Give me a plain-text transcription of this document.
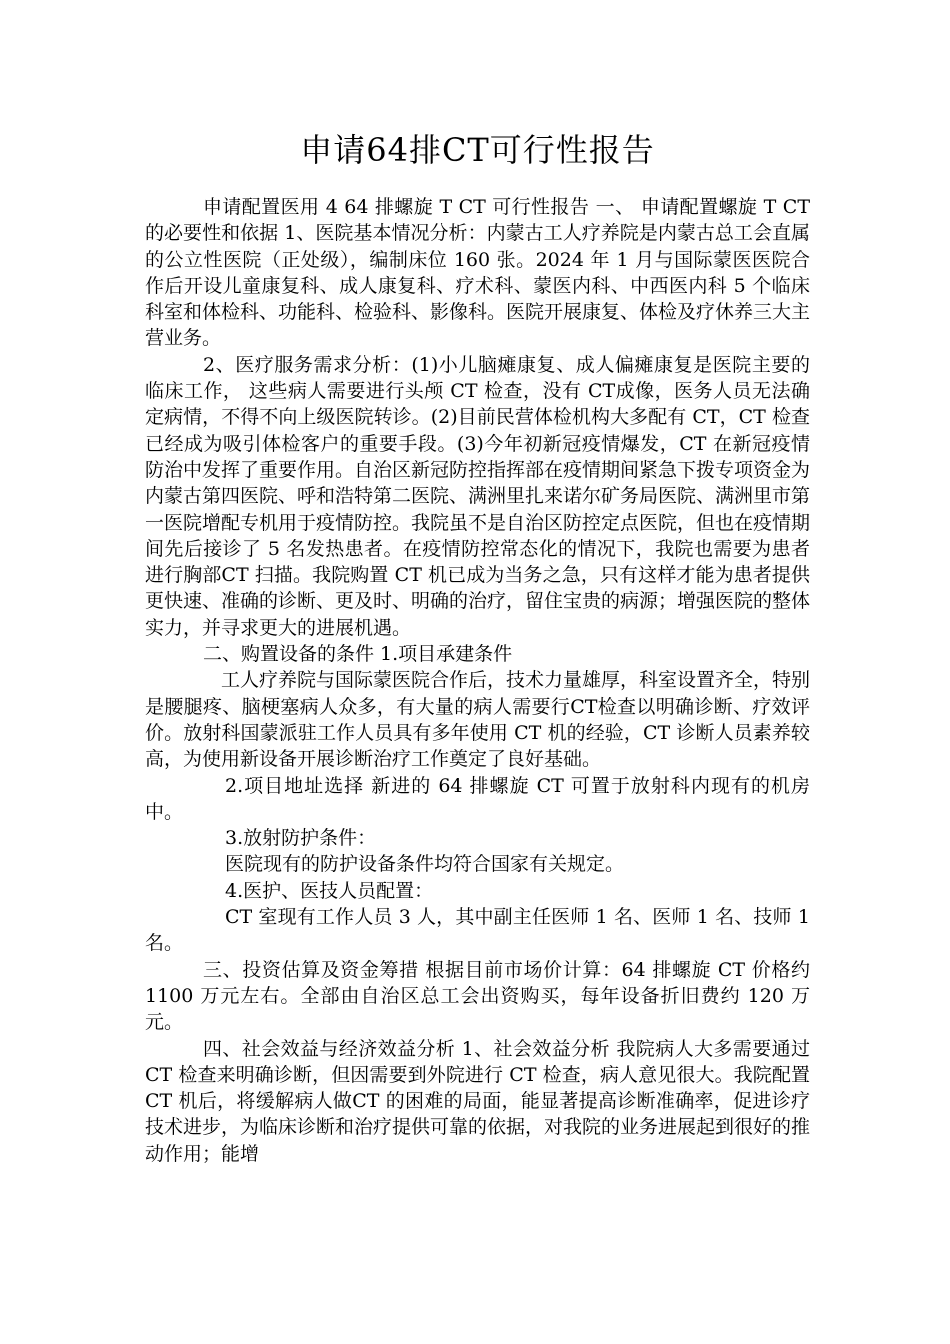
申请64排CT可行性报告

申请配置医用 4 64 排螺旋 T CT 可行性报告 一、 申请配置螺旋 T CT 的必要性和依据 1、医院基本情况分析：内蒙古工人疗养院是内蒙古总工会直属的公立性医院（正处级），编制床位 160 张。2024 年 1 月与国际蒙医医院合作后开设儿童康复科、成人康复科、疗术科、蒙医内科、中西医内科 5 个临床科室和体检科、功能科、检验科、影像科。医院开展康复、体检及疗休养三大主营业务。

2、医疗服务需求分析：(1)小儿脑瘫康复、成人偏瘫康复是医院主要的临床工作， 这些病人需要进行头颅 CT 检查，没有 CT成像，医务人员无法确定病情，不得不向上级医院转诊。(2)目前民营体检机构大多配有 CT，CT 检查已经成为吸引体检客户的重要手段。(3)今年初新冠疫情爆发，CT 在新冠疫情防治中发挥了重要作用。自治区新冠防控指挥部在疫情期间紧急下拨专项资金为内蒙古第四医院、呼和浩特第二医院、满洲里扎来诺尔矿务局医院、满洲里市第一医院增配专机用于疫情防控。我院虽不是自治区防控定点医院，但也在疫情期间先后接诊了 5 名发热患者。在疫情防控常态化的情况下，我院也需要为患者进行胸部CT 扫描。我院购置 CT 机已成为当务之急，只有这样才能为患者提供更快速、准确的诊断、更及时、明确的治疗，留住宝贵的病源；增强医院的整体实力，并寻求更大的进展机遇。

二、购置设备的条件 1.项目承建条件

工人疗养院与国际蒙医院合作后，技术力量雄厚，科室设置齐全，特别是腰腿疼、脑梗塞病人众多，有大量的病人需要行CT检查以明确诊断、疗效评价。放射科国蒙派驻工作人员具有多年使用 CT 机的经验，CT 诊断人员素养较高，为使用新设备开展诊断治疗工作奠定了良好基础。

2.项目地址选择 新进的 64 排螺旋 CT 可置于放射科内现有的机房中。

3.放射防护条件：

医院现有的防护设备条件均符合国家有关规定。

4.医护、医技人员配置：

CT 室现有工作人员 3 人，其中副主任医师 1 名、医师 1 名、技师 1 名。

三、投资估算及资金筹措 根据目前市场价计算：64 排螺旋 CT 价格约 1100 万元左右。全部由自治区总工会出资购买，每年设备折旧费约 120 万元。

四、社会效益与经济效益分析 1、社会效益分析 我院病人大多需要通过 CT 检查来明确诊断，但因需要到外院进行 CT 检查，病人意见很大。我院配置 CT 机后，将缓解病人做CT 的困难的局面，能显著提高诊断准确率，促进诊疗技术进步，为临床诊断和治疗提供可靠的依据，对我院的业务进展起到很好的推动作用；能增
